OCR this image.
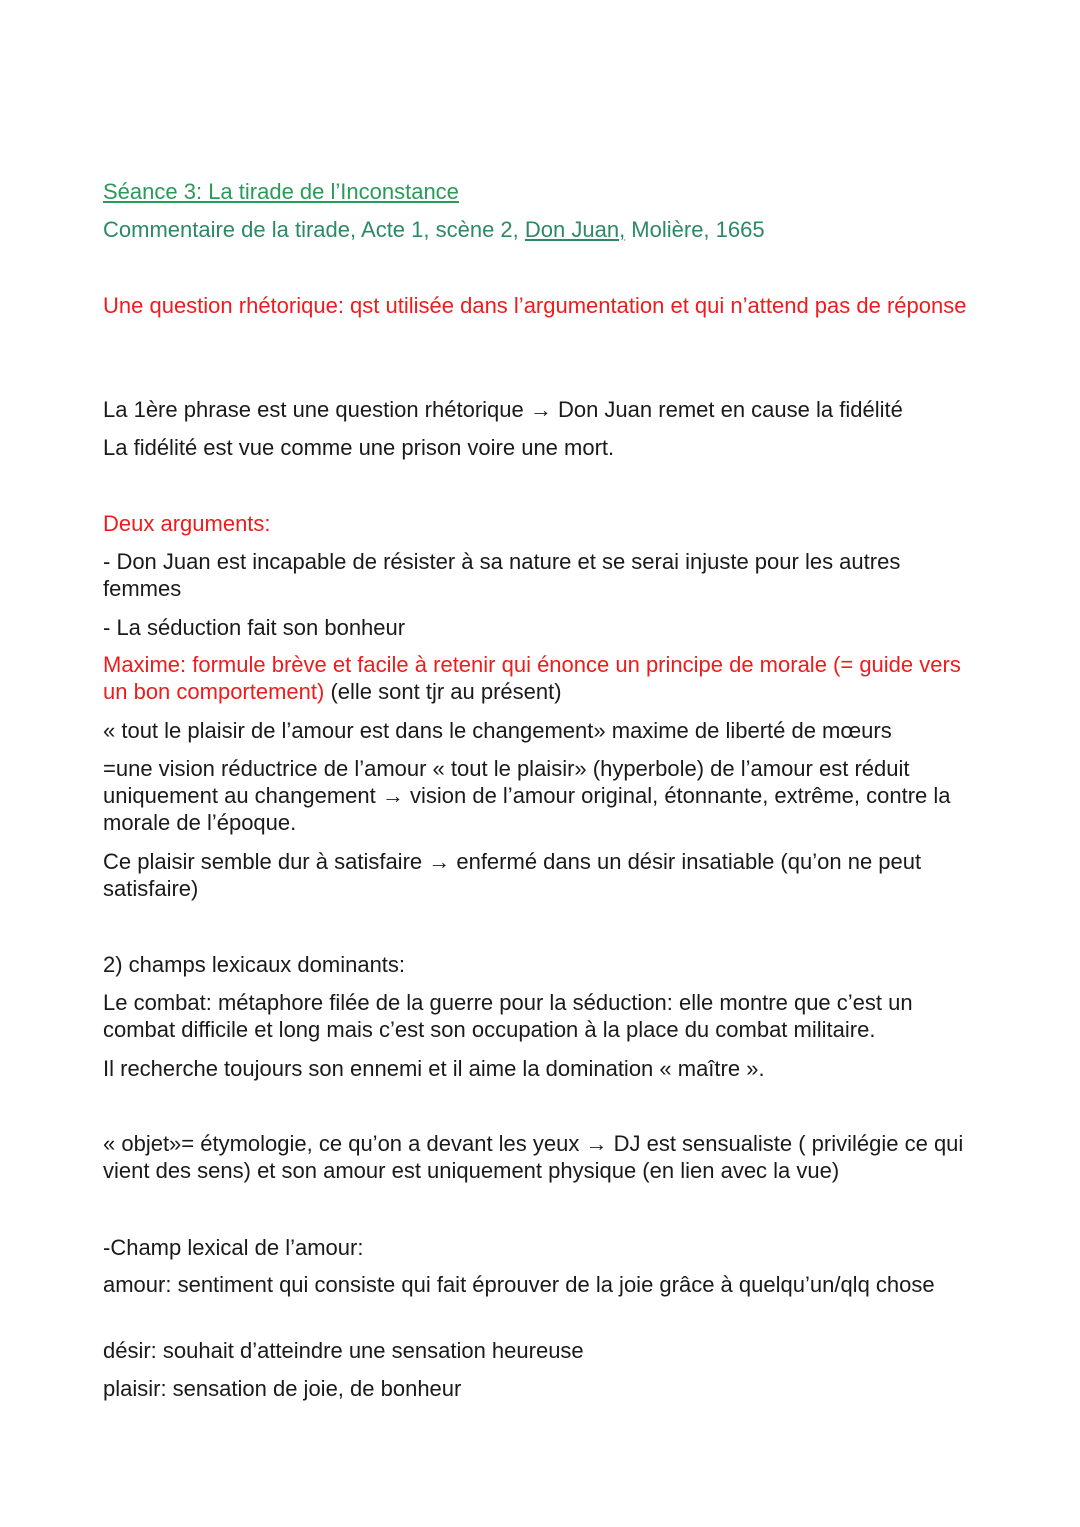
Séance 3: La tirade de l’Inconstance
Commentaire de la tirade, Acte 1, scène 2, Don Juan, Molière, 1665
Une question rhétorique: qst utilisée dans l’argumentation et qui n’attend pas de réponse
La 1ère phrase est une question rhétorique → Don Juan remet en cause la fidélité
La fidélité est vue comme une prison voire une mort.
Deux arguments:
- Don Juan est incapable de résister à sa nature et se serai injuste pour les autres femmes
- La séduction fait son bonheur
Maxime: formule brève et facile à retenir qui énonce un principe de morale (= guide vers un bon comportement) (elle sont tjr au présent)
« tout le plaisir de l’amour est dans le changement» maxime de liberté de mœurs
=une vision réductrice de l’amour « tout le plaisir» (hyperbole) de l’amour est réduit uniquement au changement → vision de l’amour original, étonnante, extrême, contre la morale de l’époque.
Ce plaisir semble dur à satisfaire → enfermé dans un désir insatiable (qu’on ne peut satisfaire)
2) champs lexicaux dominants:
Le combat: métaphore filée de la guerre pour la séduction: elle montre que c’est un combat difficile et long mais c’est son occupation à la place du combat militaire.
Il recherche toujours son ennemi et il aime la domination « maître ».
« objet»= étymologie, ce qu’on a devant les yeux → DJ est sensualiste ( privilégie ce qui vient des sens) et son amour est uniquement physique (en lien avec la vue)
-Champ lexical de l’amour:
amour: sentiment qui consiste qui fait éprouver de la joie grâce à quelqu’un/qlq chose
désir: souhait d’atteindre une sensation heureuse
plaisir: sensation de joie, de bonheur
